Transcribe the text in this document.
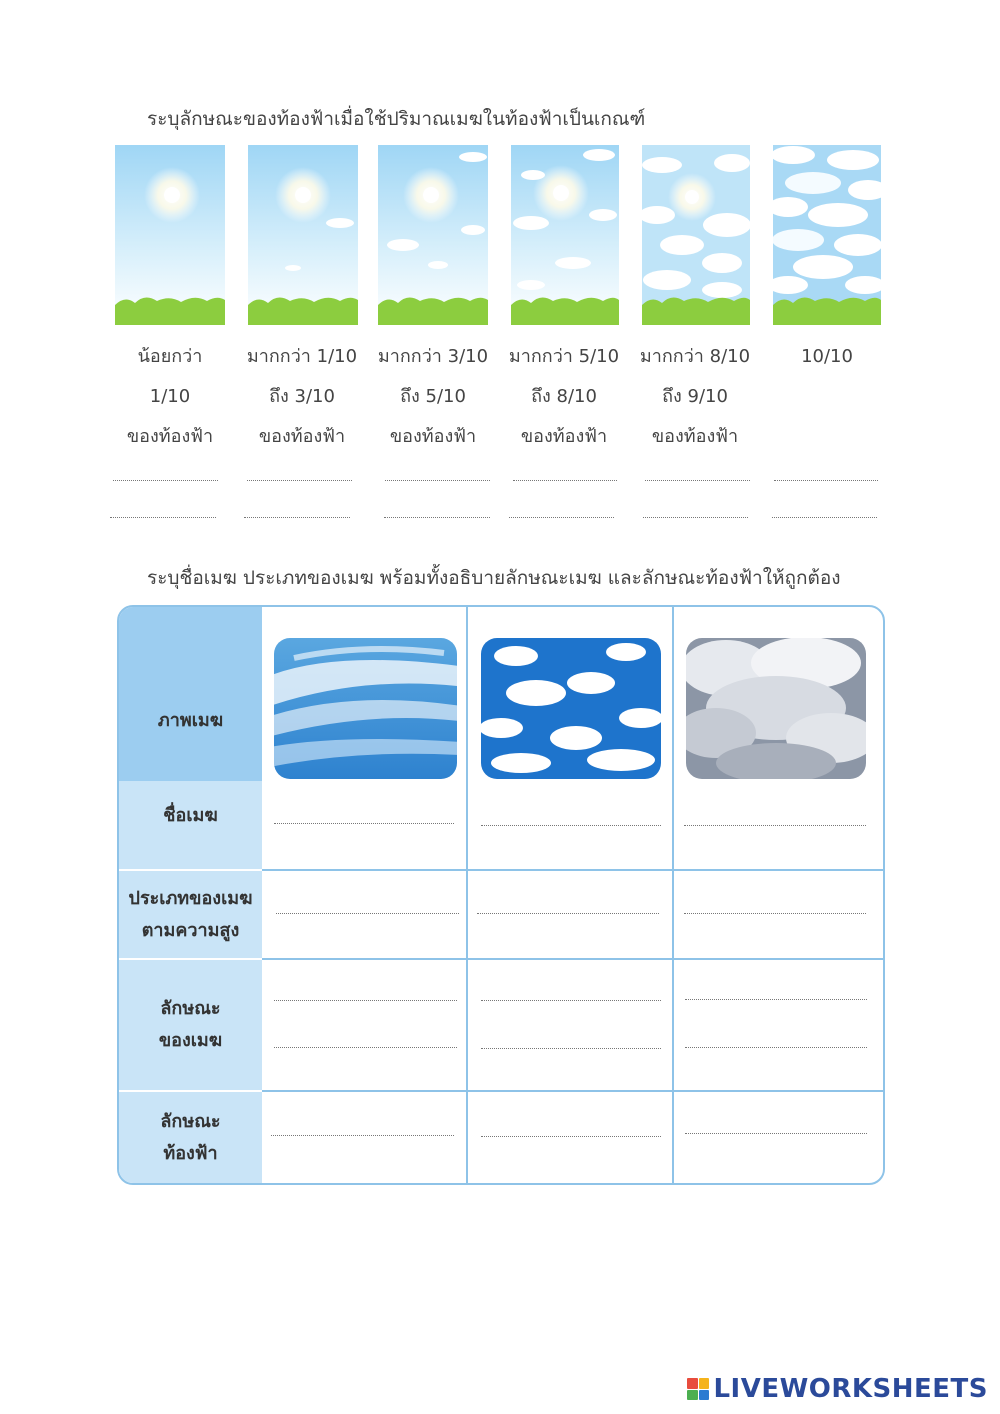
ระบุลักษณะของท้องฟ้าเมื่อใช้ปริมาณเมฆในท้องฟ้าเป็นเกณฑ์
น้อยกว่า
1/10
ของท้องฟ้า
มากกว่า 1/10
ถึง 3/10
ของท้องฟ้า
มากกว่า 3/10
ถึง 5/10
ของท้องฟ้า
มากกว่า 5/10
ถึง 8/10
ของท้องฟ้า
มากกว่า 8/10
ถึง 9/10
ของท้องฟ้า
10/10
ระบุชื่อเมฆ ประเภทของเมฆ พร้อมทั้งอธิบายลักษณะเมฆ และลักษณะท้องฟ้าให้ถูกต้อง
ภาพเมฆ
ชื่อเมฆ
ประเภทของเมฆ
ตามความสูง
ลักษณะ
ของเมฆ
ลักษณะ
ท้องฟ้า
LIVEWORKSHEETS
